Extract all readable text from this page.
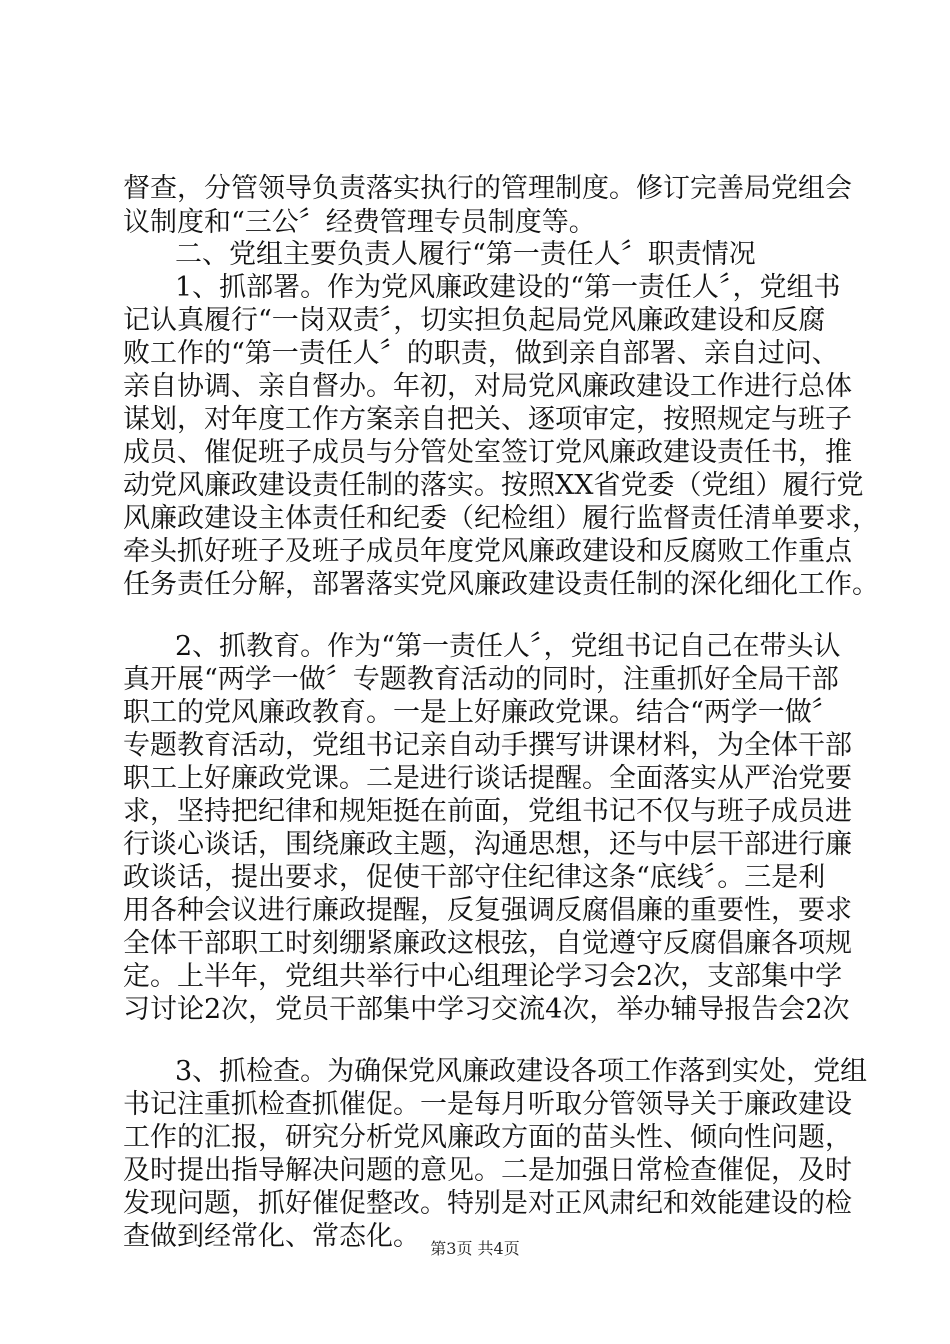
督查，分管领导负责落实执行的管理制度。修订完善局党组会
议制度和“三公〞经费管理专员制度等。
二、党组主要负责人履行“第一责任人〞职责情况
1、抓部署。作为党风廉政建设的“第一责任人〞，党组书
记认真履行“一岗双责〞，切实担负起局党风廉政建设和反腐
败工作的“第一责任人〞的职责，做到亲自部署、亲自过问、
亲自协调、亲自督办。年初，对局党风廉政建设工作进行总体
谋划，对年度工作方案亲自把关、逐项审定，按照规定与班子
成员、催促班子成员与分管处室签订党风廉政建设责任书，推
动党风廉政建设责任制的落实。按照XX省党委（党组）履行党
风廉政建设主体责任和纪委（纪检组）履行监督责任清单要求，
牵头抓好班子及班子成员年度党风廉政建设和反腐败工作重点
任务责任分解，部署落实党风廉政建设责任制的深化细化工作。
2、抓教育。作为“第一责任人〞，党组书记自己在带头认
真开展“两学一做〞专题教育活动的同时，注重抓好全局干部
职工的党风廉政教育。一是上好廉政党课。结合“两学一做〞
专题教育活动，党组书记亲自动手撰写讲课材料，为全体干部
职工上好廉政党课。二是进行谈话提醒。全面落实从严治党要
求，坚持把纪律和规矩挺在前面，党组书记不仅与班子成员进
行谈心谈话，围绕廉政主题，沟通思想，还与中层干部进行廉
政谈话，提出要求，促使干部守住纪律这条“底线〞。三是利
用各种会议进行廉政提醒，反复强调反腐倡廉的重要性，要求
全体干部职工时刻绷紧廉政这根弦，自觉遵守反腐倡廉各项规
定。上半年，党组共举行中心组理论学习会2次，支部集中学
习讨论2次，党员干部集中学习交流4次，举办辅导报告会2次
3、抓检查。为确保党风廉政建设各项工作落到实处，党组
书记注重抓检查抓催促。一是每月听取分管领导关于廉政建设
工作的汇报，研究分析党风廉政方面的苗头性、倾向性问题，
及时提出指导解决问题的意见。二是加强日常检查催促，及时
发现问题，抓好催促整改。特别是对正风肃纪和效能建设的检
查做到经常化、常态化。 第3页 共4页
